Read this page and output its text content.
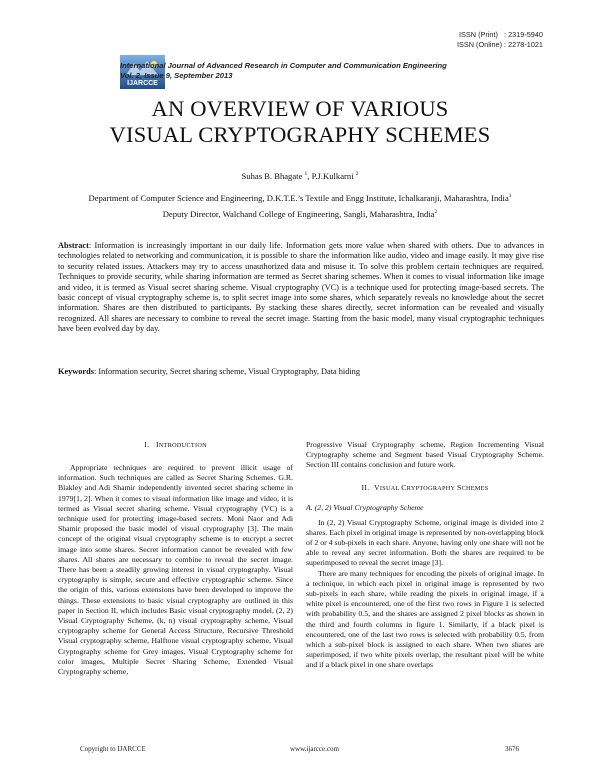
ISSN (Print)   : 2319-5940
ISSN (Online) : 2278-1021
IJARCCE
International Journal of Advanced Research in Computer and Communication Engineering
Vol. 2, Issue 9, September 2013
AN OVERVIEW OF VARIOUS
VISUAL CRYPTOGRAPHY SCHEMES
Suhas B. Bhagate $^1$, P.J.Kulkarni $^2$
Department of Computer Science and Engineering, D.K.T.E.’s Textile and Engg Institute, Ichalkaranji, Maharashtra, India$^1$
Deputy Director, Walchand College of Engineering, Sangli, Maharashtra, India$^2$
Abstract: Information is increasingly important in our daily life. Information gets more value when shared with others. Due to advances in technologies related to networking and communication, it is possible to share the information like audio, video and image easily. It may give rise to security related issues. Attackers may try to access unauthorized data and misuse it. To solve this problem certain techniques are required. Techniques to provide security, while sharing information are termed as Secret sharing schemes. When it comes to visual information like image and video, it is termed as Visual secret sharing scheme. Visual cryptography (VC) is a technique used for protecting image-based secrets. The basic concept of visual cryptography scheme is, to split secret image into some shares, which separately reveals no knowledge about the secret information. Shares are then distributed to participants. By stacking these shares directly, secret information can be revealed and visually recognized. All shares are necessary to combine to reveal the secret image. Starting from the basic model, many visual cryptographic techniques have been evolved day by day.
Keywords: Information security, Secret sharing scheme, Visual Cryptography, Data hiding
I. INTRODUCTION

Appropriate techniques are required to prevent illicit usage of information. Such techniques are called as Secret Sharing Schemes. G.R. Blakley and Adi Shamir independently invented secret sharing scheme in 1979[1, 2]. When it comes to visual information like image and video, it is termed as Visual secret sharing scheme. Visual cryptography (VC) is a technique used for protecting image-based secrets. Moni Naor and Adi Shamir proposed the basic model of visual cryptography [3]. The main concept of the original visual cryptography scheme is to encrypt a secret image into some shares. Secret information cannot be revealed with few shares. All shares are necessary to combine to reveal the secret image. There has been a steadily growing interest in visual cryptography. Visual cryptography is simple, secure and effective cryptographic scheme. Since the origin of this, various extensions have been developed to improve the things. These extensions to basic visual cryptography are outlined in this paper in Section II, which includes Basic visual cryptography model, (2, 2) Visual Cryptography Scheme, (k, n) visual cryptography scheme, Visual cryptography scheme for General Access Structure, Recursive Threshold Visual cryptography scheme, Halftone visual cryptography scheme, Visual Cryptography scheme for Grey images, Visual Cryptography scheme for color images, Multiple Secret Sharing Scheme, Extended Visual Cryptography scheme,

Progressive Visual Cryptography scheme, Region Incrementing Visual Cryptography scheme and Segment based Visual Cryptography Scheme. Section III contains conclusion and future work.

II. VISUAL CRYPTOGRAPHY SCHEMES
A. (2, 2) Visual Cryptography Scheme

In (2, 2) Visual Cryptography Scheme, original image is divided into 2 shares. Each pixel in original image is represented by non-overlapping block of 2 or 4 sub-pixels in each share. Anyone, having only one share will not be able to reveal any secret information. Both the shares are required to be superimposed to reveal the secret image [3].

There are many techniques for encoding the pixels of original image. In a technique, in which each pixel in original image is represented by two sub-pixels in each share, while reading the pixels in original image, if a white pixel is encountered, one of the first two rows in Figure 1 is selected with probability 0.5, and the shares are assigned 2 pixel blocks as shown in the third and fourth columns in figure 1. Similarly, if a black pixel is encountered, one of the last two rows is selected with probability 0.5, from which a sub-pixel block is assigned to each share. When two shares are superimposed, if two white pixels overlap, the resultant pixel will be white and if a black pixel in one share overlaps

Copyright to IJARCCE	www.ijarcce.com	3676
